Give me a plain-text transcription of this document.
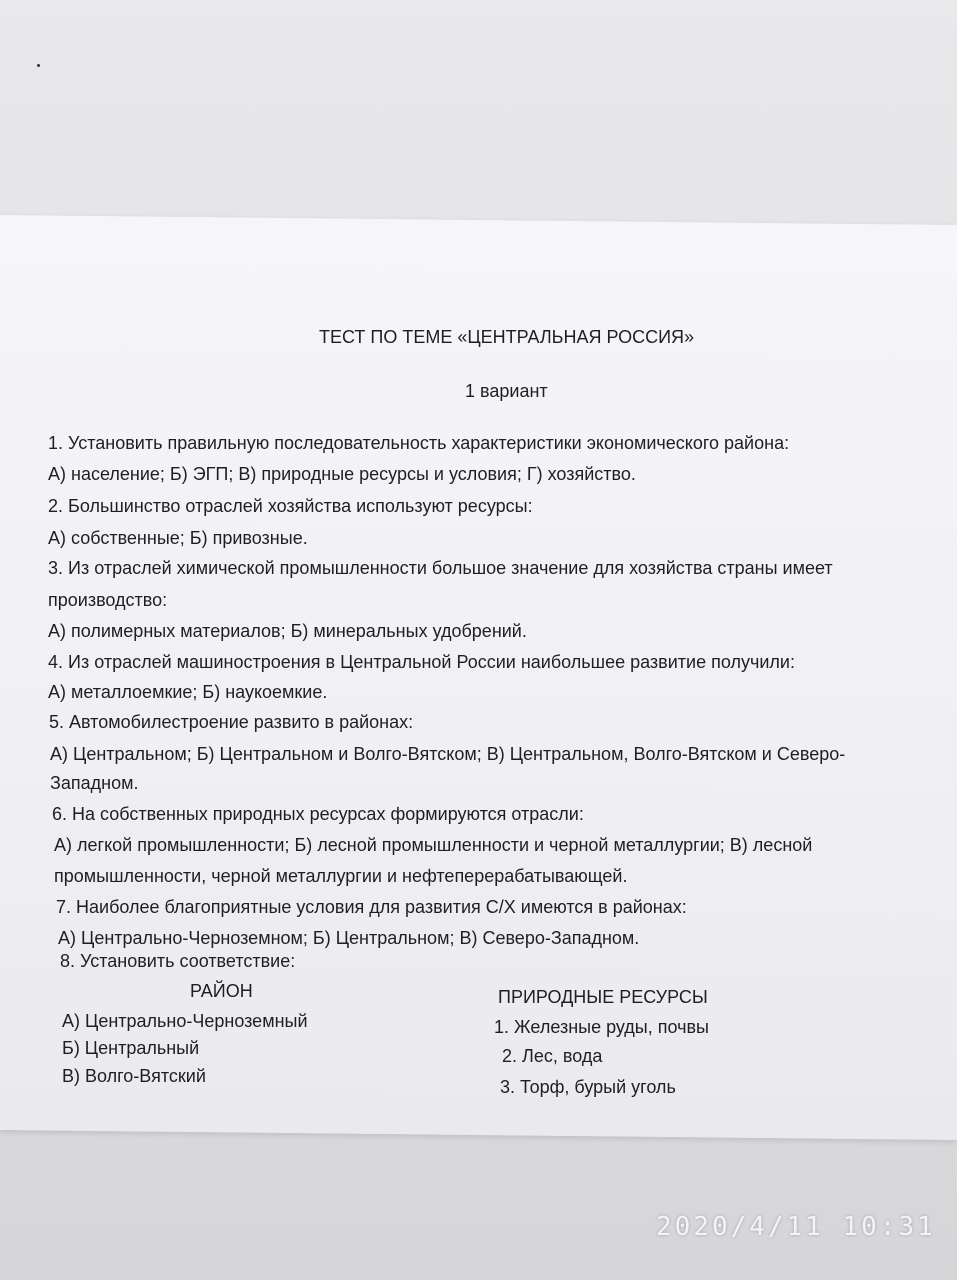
ТЕСТ ПО ТЕМЕ «ЦЕНТРАЛЬНАЯ РОССИЯ»
1 вариант
1. Установить правильную последовательность характеристики экономического района:
А) население; Б) ЭГП; В) природные ресурсы и условия; Г) хозяйство.
2. Большинство отраслей хозяйства используют ресурсы:
А) собственные; Б) привозные.
3. Из отраслей химической промышленности большое значение для хозяйства страны имеет
производство:
А) полимерных материалов; Б) минеральных удобрений.
4. Из отраслей машиностроения в Центральной России наибольшее развитие получили:
А) металлоемкие; Б) наукоемкие.
5. Автомобилестроение развито в районах:
А) Центральном; Б) Центральном и Волго-Вятском; В) Центральном, Волго-Вятском и Северо-
Западном.
6. На собственных природных ресурсах формируются отрасли:
А) легкой промышленности; Б) лесной промышленности и черной металлургии; В) лесной
промышленности, черной металлургии и нефтеперерабатывающей.
7. Наиболее благоприятные условия для развития С/Х имеются в районах:
А) Центрально-Черноземном; Б) Центральном; В) Северо-Западном.
8. Установить соответствие:
РАЙОН
А) Центрально-Черноземный
Б) Центральный
В) Волго-Вятский
ПРИРОДНЫЕ РЕСУРСЫ
1. Железные руды, почвы
2. Лес, вода
3. Торф, бурый уголь
2020/4/11 10:31
